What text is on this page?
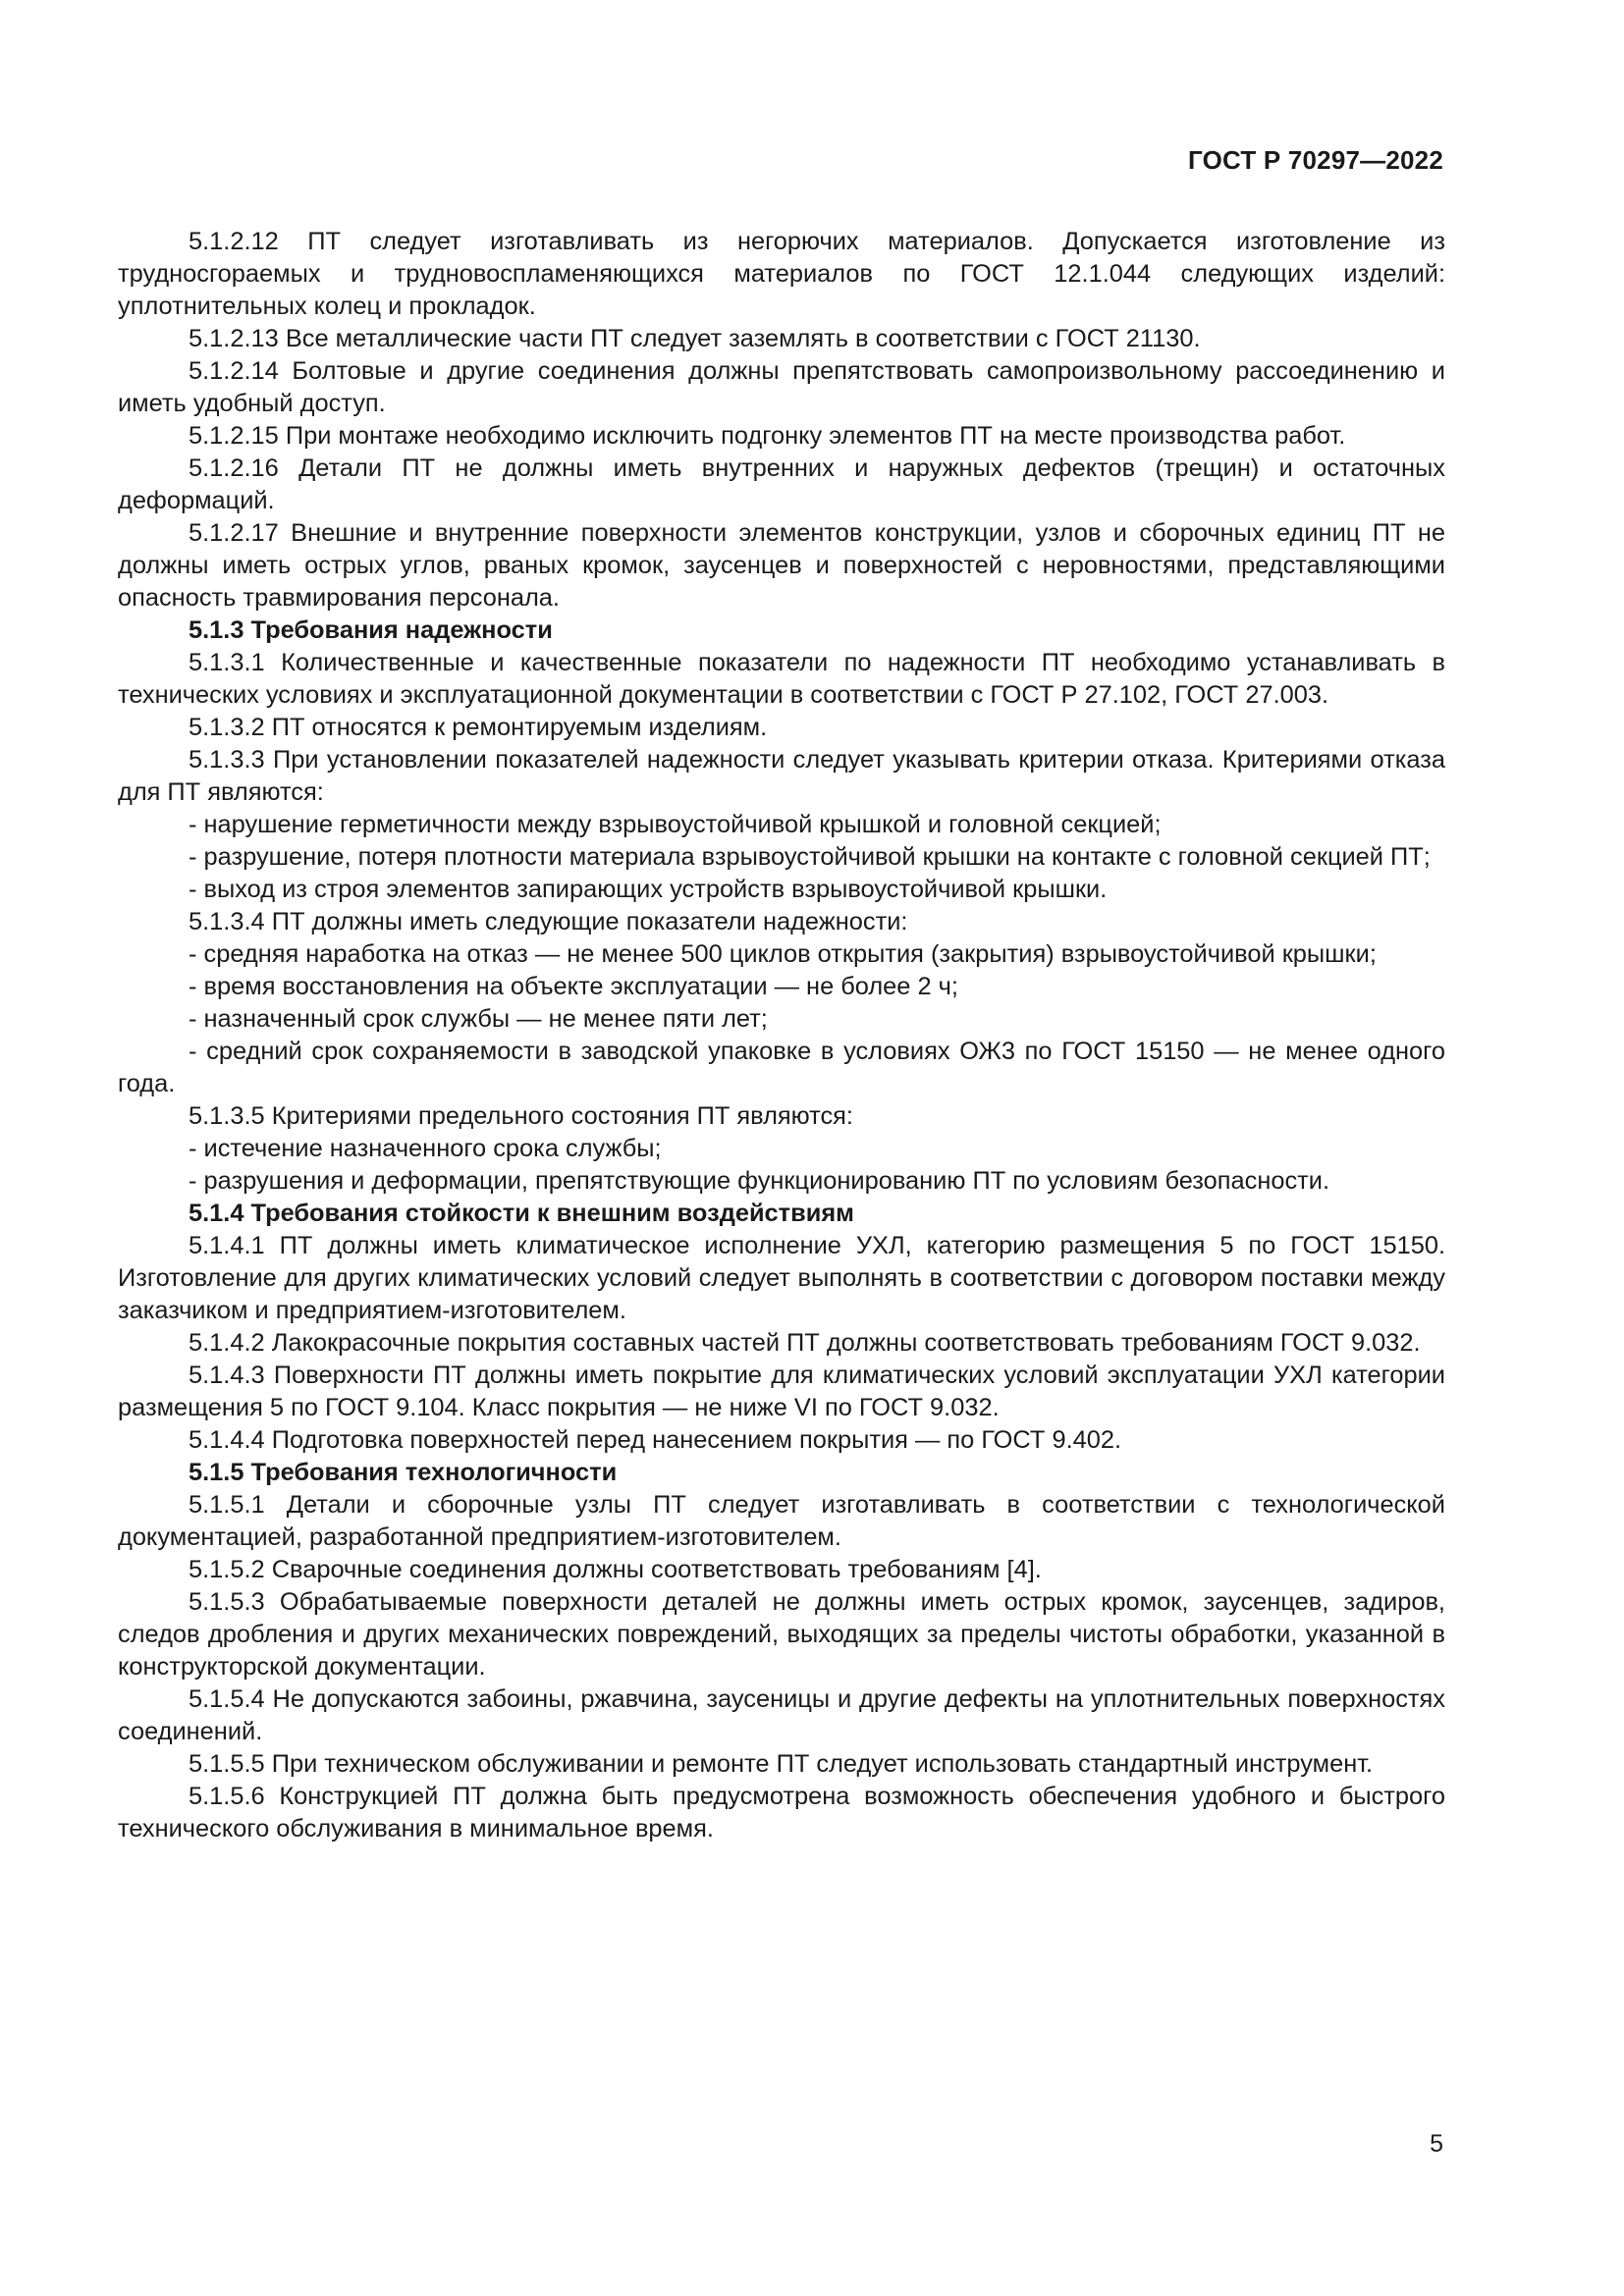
ГОСТ Р 70297—2022

5.1.2.12 ПТ следует изготавливать из негорючих материалов. Допускается изготовление из трудносгораемых и трудновоспламеняющихся материалов по ГОСТ 12.1.044 следующих изделий: уплотнительных колец и прокладок.

5.1.2.13 Все металлические части ПТ следует заземлять в соответствии с ГОСТ 21130.

5.1.2.14 Болтовые и другие соединения должны препятствовать самопроизвольному рассоединению и иметь удобный доступ.

5.1.2.15 При монтаже необходимо исключить подгонку элементов ПТ на месте производства работ.

5.1.2.16 Детали ПТ не должны иметь внутренних и наружных дефектов (трещин) и остаточных деформаций.

5.1.2.17 Внешние и внутренние поверхности элементов конструкции, узлов и сборочных единиц ПТ не должны иметь острых углов, рваных кромок, заусенцев и поверхностей с неровностями, представляющими опасность травмирования персонала.

5.1.3 Требования надежности

5.1.3.1 Количественные и качественные показатели по надежности ПТ необходимо устанавливать в технических условиях и эксплуатационной документации в соответствии с ГОСТ Р 27.102, ГОСТ 27.003.

5.1.3.2 ПТ относятся к ремонтируемым изделиям.

5.1.3.3 При установлении показателей надежности следует указывать критерии отказа. Критериями отказа для ПТ являются:

- нарушение герметичности между взрывоустойчивой крышкой и головной секцией;

- разрушение, потеря плотности материала взрывоустойчивой крышки на контакте с головной секцией ПТ;

- выход из строя элементов запирающих устройств взрывоустойчивой крышки.

5.1.3.4 ПТ должны иметь следующие показатели надежности:

- средняя наработка на отказ — не менее 500 циклов открытия (закрытия) взрывоустойчивой крышки;

- время восстановления на объекте эксплуатации — не более 2 ч;

- назначенный срок службы — не менее пяти лет;

- средний срок сохраняемости в заводской упаковке в условиях ОЖ3 по ГОСТ 15150 — не менее одного года.

5.1.3.5 Критериями предельного состояния ПТ являются:

- истечение назначенного срока службы;

- разрушения и деформации, препятствующие функционированию ПТ по условиям безопасности.

5.1.4 Требования стойкости к внешним воздействиям

5.1.4.1 ПТ должны иметь климатическое исполнение УХЛ, категорию размещения 5 по ГОСТ 15150. Изготовление для других климатических условий следует выполнять в соответствии с договором поставки между заказчиком и предприятием-изготовителем.

5.1.4.2 Лакокрасочные покрытия составных частей ПТ должны соответствовать требованиям ГОСТ 9.032.

5.1.4.3 Поверхности ПТ должны иметь покрытие для климатических условий эксплуатации УХЛ категории размещения 5 по ГОСТ 9.104. Класс покрытия — не ниже VI по ГОСТ 9.032.

5.1.4.4 Подготовка поверхностей перед нанесением покрытия — по ГОСТ 9.402.

5.1.5 Требования технологичности

5.1.5.1 Детали и сборочные узлы ПТ следует изготавливать в соответствии с технологической документацией, разработанной предприятием-изготовителем.

5.1.5.2 Сварочные соединения должны соответствовать требованиям [4].

5.1.5.3 Обрабатываемые поверхности деталей не должны иметь острых кромок, заусенцев, задиров, следов дробления и других механических повреждений, выходящих за пределы чистоты обработки, указанной в конструкторской документации.

5.1.5.4 Не допускаются забоины, ржавчина, заусеницы и другие дефекты на уплотнительных поверхностях соединений.

5.1.5.5 При техническом обслуживании и ремонте ПТ следует использовать стандартный инструмент.

5.1.5.6 Конструкцией ПТ должна быть предусмотрена возможность обеспечения удобного и быстрого технического обслуживания в минимальное время.

5
